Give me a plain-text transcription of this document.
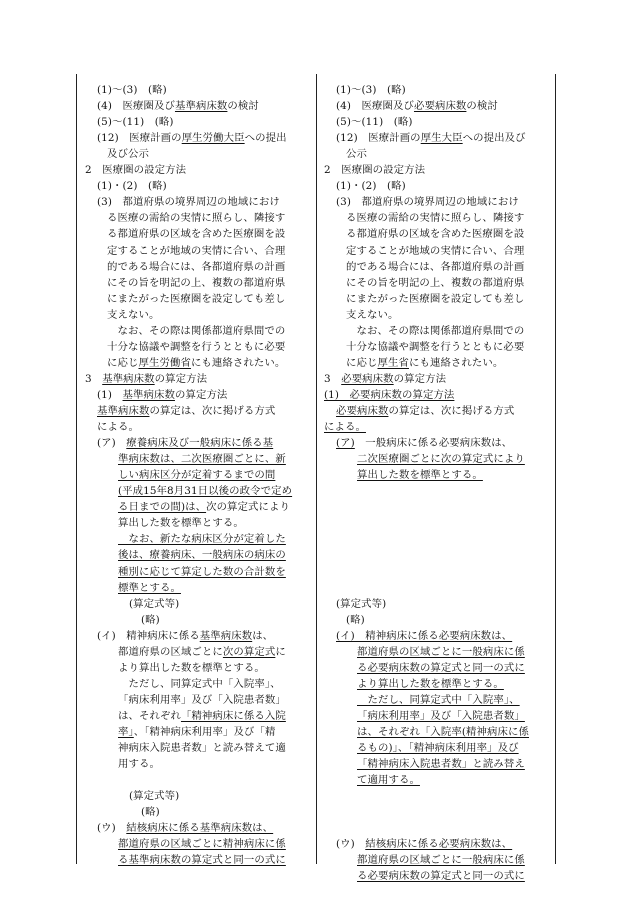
(1)～(3)　(略)
(4)　医療圏及び基準病床数の検討
(5)～(11)　(略)
(12)　医療計画の厚生労働大臣への提出
及び公示
2　医療圏の設定方法
(1)・(2)　(略)
(3)　都道府県の境界周辺の地域におけ
る医療の需給の実情に照らし、隣接す
る都道府県の区域を含めた医療圏を設
定することが地域の実情に合い、合理
的である場合には、各都道府県の計画
にその旨を明記の上、複数の都道府県
にまたがった医療圏を設定しても差し
支えない。
　なお、その際は関係都道府県間での
十分な協議や調整を行うとともに必要
に応じ厚生労働省にも連絡されたい。
3　基準病床数の算定方法
(1)　基準病床数の算定方法
基準病床数の算定は、次に掲げる方式
による。
(ア)　療養病床及び一般病床に係る基
準病床数は、二次医療圏ごとに、新
しい病床区分が定着するまでの間
(平成15年8月31日以後の政令で定め
る日までの間)は、次の算定式により
算出した数を標準とする。
　なお、新たな病床区分が定着した
後は、療養病床、一般病床の病床の
種別に応じて算定した数の合計数を
標準とする。
(算定式等)
(略)
(イ)　精神病床に係る基準病床数は、
都道府県の区域ごとに次の算定式に
より算出した数を標準とする。
　ただし、同算定式中「入院率」、
「病床利用率」及び「入院患者数」
は、それぞれ「精神病床に係る入院
率」、「精神病床利用率」及び「精
神病床入院患者数」と読み替えて適
用する。
(算定式等)
(略)
(ウ)　結核病床に係る基準病床数は、
都道府県の区域ごとに精神病床に係
る基準病床数の算定式と同一の式に
(1)～(3)　(略)
(4)　医療圏及び必要病床数の検討
(5)～(11)　(略)
(12)　医療計画の厚生大臣への提出及び
公示
2　医療圏の設定方法
(1)・(2)　(略)
(3)　都道府県の境界周辺の地域におけ
る医療の需給の実情に照らし、隣接す
る都道府県の区域を含めた医療圏を設
定することが地域の実情に合い、合理
的である場合には、各都道府県の計画
にその旨を明記の上、複数の都道府県
にまたがった医療圏を設定しても差し
支えない。
　なお、その際は関係都道府県間での
十分な協議や調整を行うとともに必要
に応じ厚生省にも連絡されたい。
3　必要病床数の算定方法
(1)　必要病床数の算定方法
必要病床数の算定は、次に掲げる方式
による。
(ア)　一般病床に係る必要病床数は、
二次医療圏ごとに次の算定式により
算出した数を標準とする。
(算定式等)
(略)
(イ)　精神病床に係る必要病床数は、
都道府県の区域ごとに一般病床に係
る必要病床数の算定式と同一の式に
より算出した数を標準とする。
　ただし、同算定式中「入院率」、
「病床利用率」及び「入院患者数」
は、それぞれ「入院率(精神病床に係
るもの)」、「精神病床利用率」及び
「精神病床入院患者数」と読み替え
て適用する。
(ウ)　結核病床に係る必要病床数は、
都道府県の区域ごとに一般病床に係
る必要病床数の算定式と同一の式に
